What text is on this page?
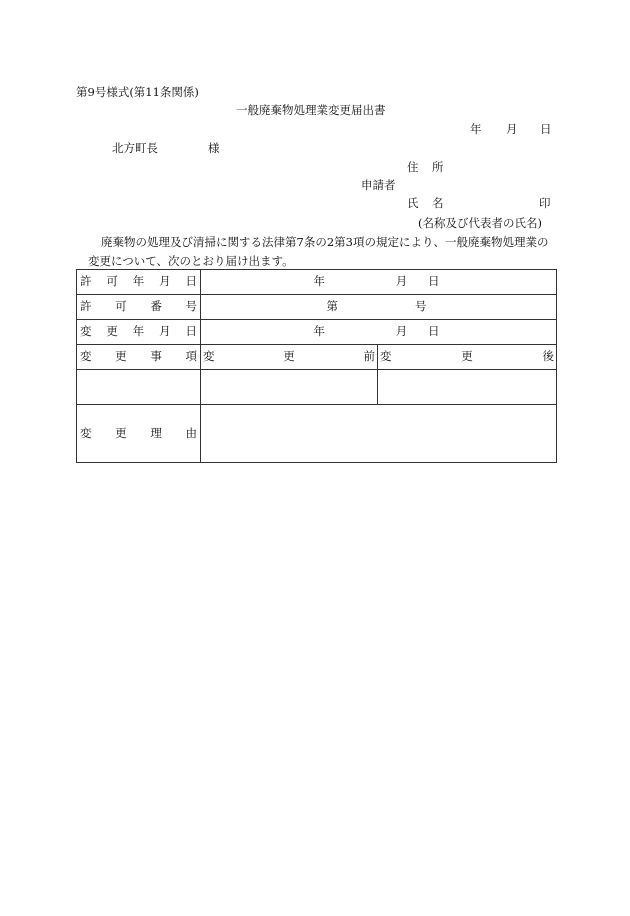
第9号様式(第11条関係)
一般廃棄物処理業変更届出書
年 月 日
北方町長	様
住 所
申請者
氏 名	印
(名称及び代表者の氏名)
廃棄物の処理及び清掃に関する法律第7条の2第3項の規定により、一般廃棄物処理業の
変更について、次のとおり届け出ます。
許 可 年 月 日	年 月 日	

許 可 番 号	第 号	

変 更 年 月 日	年 月 日	

変 更 事 項	変 更 前	変 更 後

変 更 理 由		
